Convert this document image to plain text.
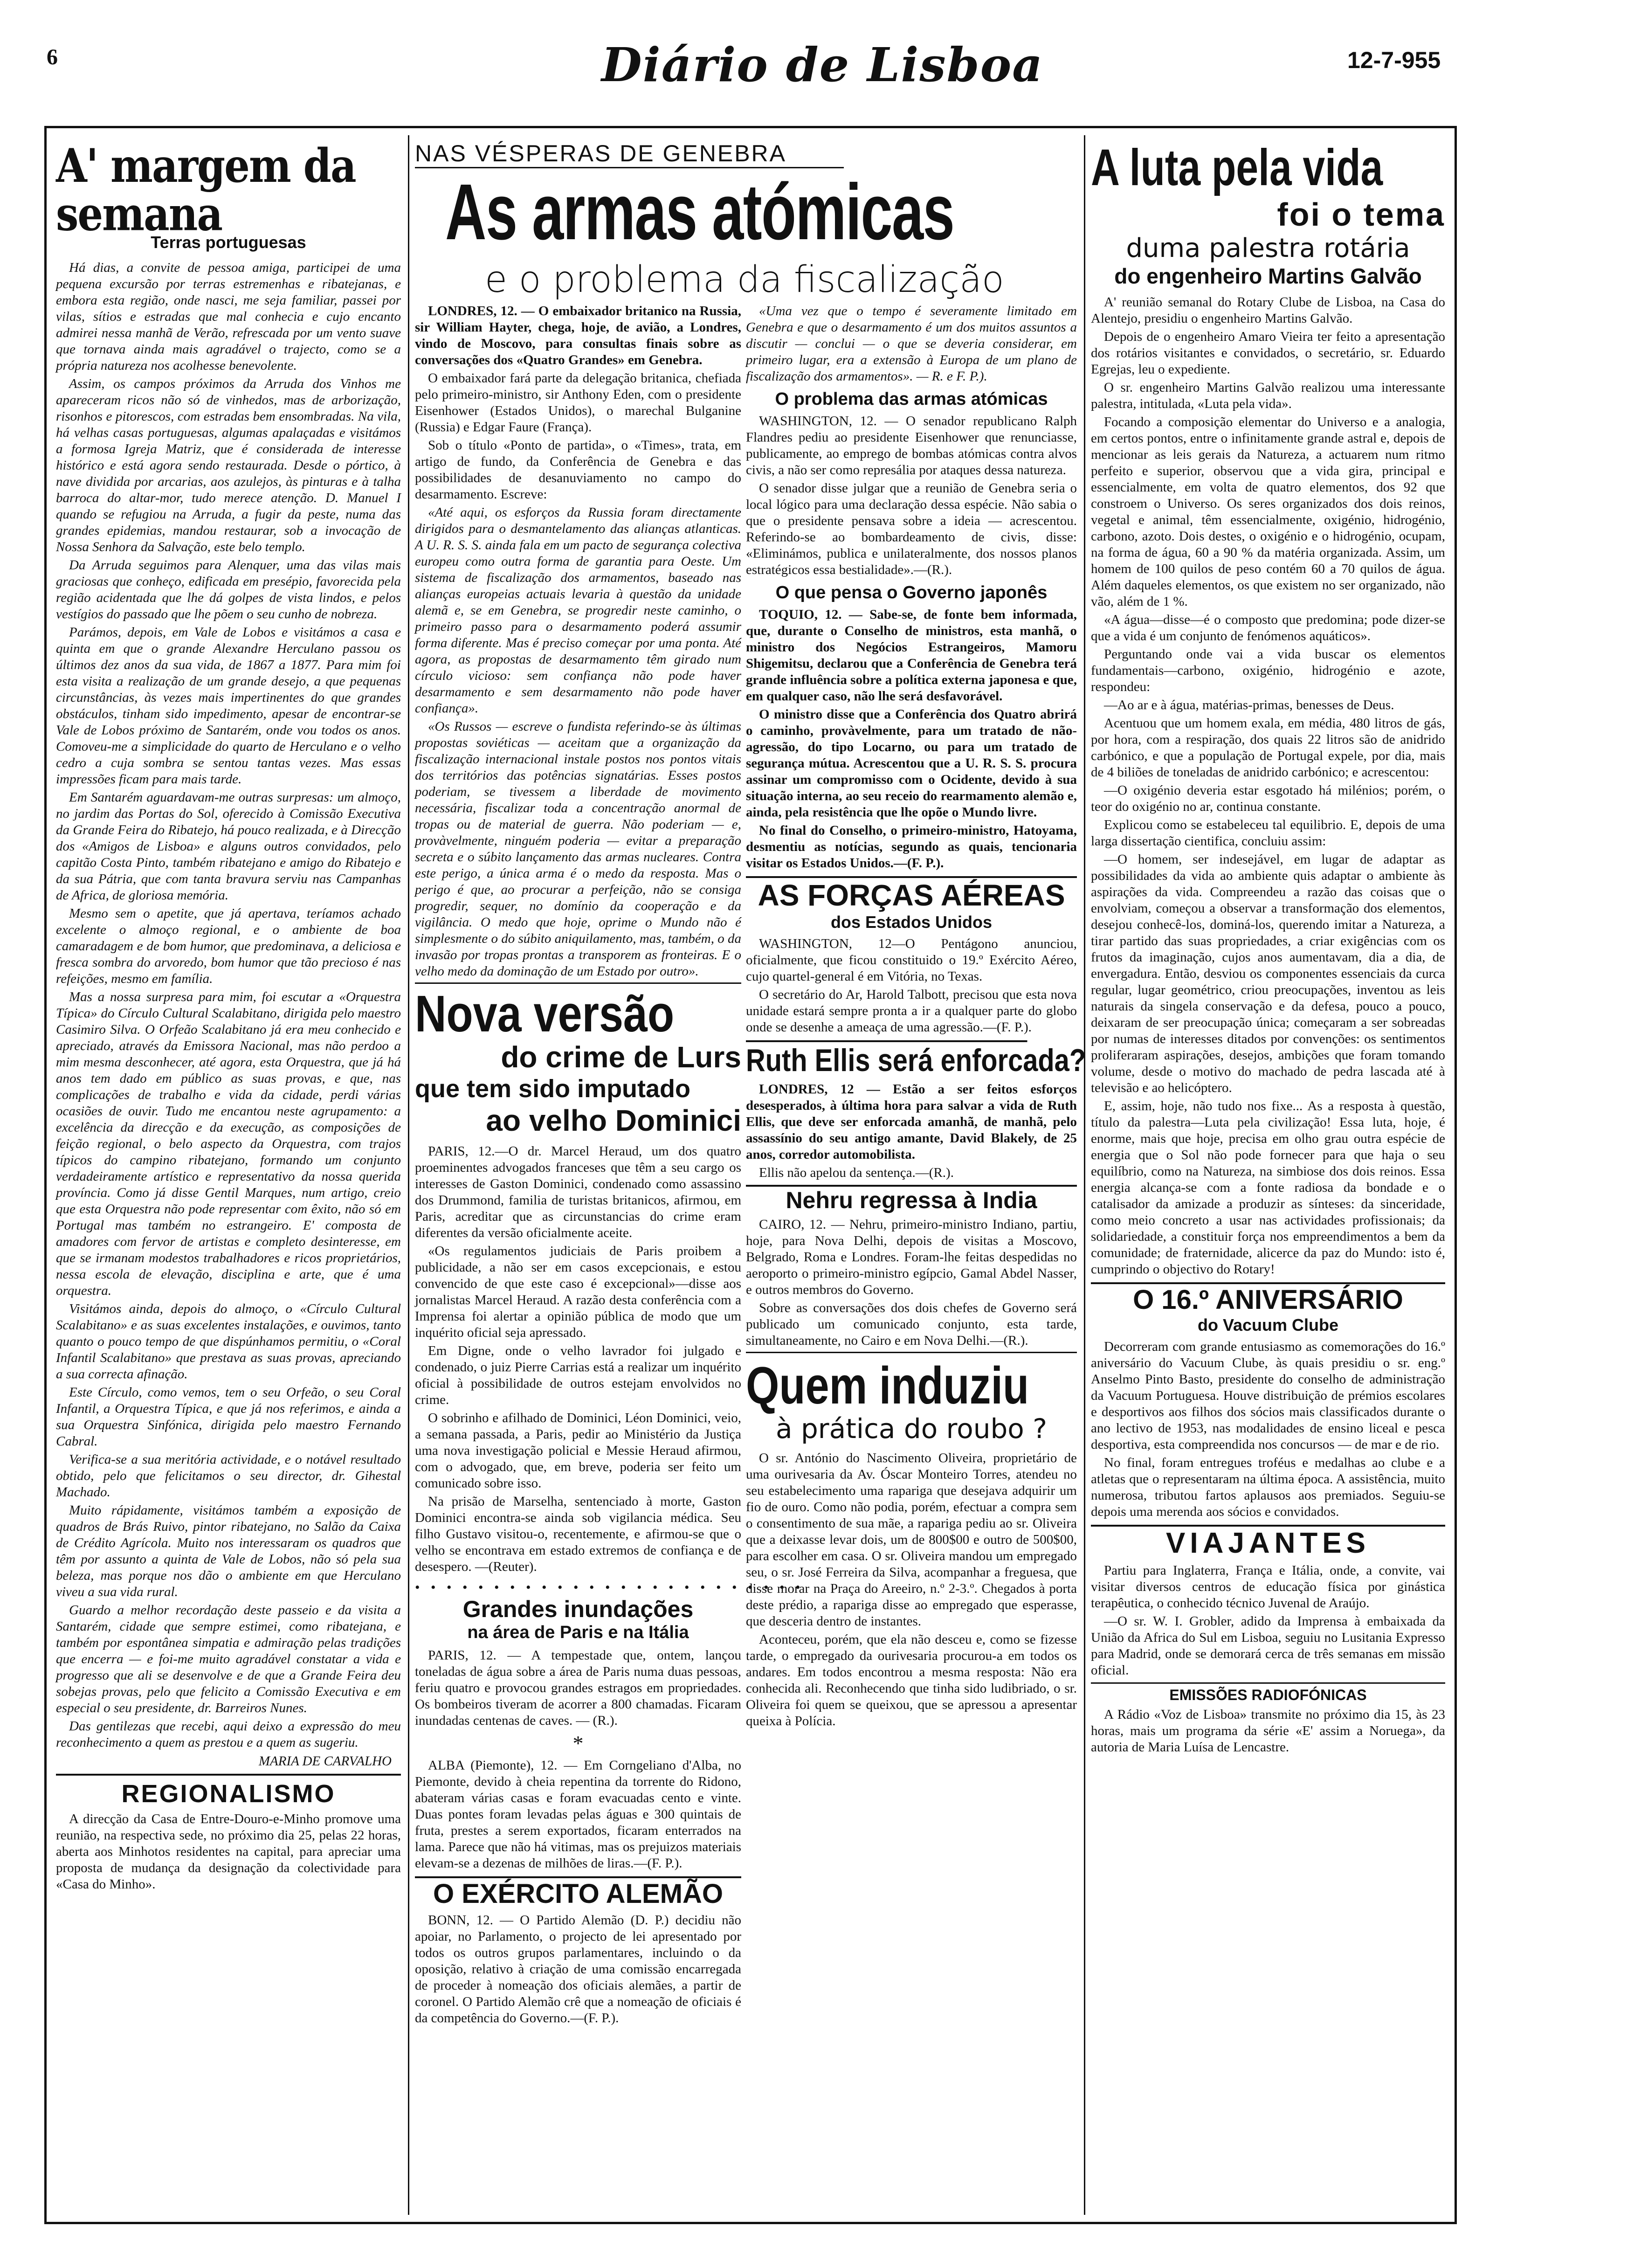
6	Diário de Lisboa	12-7-955
A' margem da semana
Terras portuguesas

Há dias, a convite de pessoa amiga, participei de uma pequena excursão por terras estremenhas e ribatejanas, e embora esta região, onde nasci, me seja familiar, passei por vilas, sítios e estradas que mal conhecia e cujo encanto admirei nessa manhã de Verão, refrescada por um vento suave que tornava ainda mais agradável o trajecto, como se a própria natureza nos acolhesse benevolente.

Assim, os campos próximos da Arruda dos Vinhos me apareceram ricos não só de vinhedos, mas de arborização, risonhos e pitorescos, com estradas bem ensombradas. Na vila, há velhas casas portuguesas, algumas apalaçadas e visitámos a formosa Igreja Matriz, que é considerada de interesse histórico e está agora sendo restaurada. Desde o pórtico, à nave dividida por arcarias, aos azulejos, às pinturas e à talha barroca do altar-mor, tudo merece atenção. D. Manuel I quando se refugiou na Arruda, a fugir da peste, numa das grandes epidemias, mandou restaurar, sob a invocação de Nossa Senhora da Salvação, este belo templo.

Da Arruda seguimos para Alenquer, uma das vilas mais graciosas que conheço, edificada em presépio, favorecida pela região acidentada que lhe dá golpes de vista lindos, e pelos vestígios do passado que lhe põem o seu cunho de nobreza.

Parámos, depois, em Vale de Lobos e visitámos a casa e quinta em que o grande Alexandre Herculano passou os últimos dez anos da sua vida, de 1867 a 1877. Para mim foi esta visita a realização de um grande desejo, a que pequenas circunstâncias, às vezes mais impertinentes do que grandes obstáculos, tinham sido impedimento, apesar de encontrar-se Vale de Lobos próximo de Santarém, onde vou todos os anos. Comoveu-me a simplicidade do quarto de Herculano e o velho cedro a cuja sombra se sentou tantas vezes. Mas essas impressões ficam para mais tarde.

Em Santarém aguardavam-me outras surpresas: um almoço, no jardim das Portas do Sol, oferecido à Comissão Executiva da Grande Feira do Ribatejo, há pouco realizada, e à Direcção dos «Amigos de Lisboa» e alguns outros convidados, pelo capitão Costa Pinto, também ribatejano e amigo do Ribatejo e da sua Pátria, que com tanta bravura serviu nas Campanhas de Africa, de gloriosa memória.

Mesmo sem o apetite, que já apertava, teríamos achado excelente o almoço regional, e o ambiente de boa camaradagem e de bom humor, que predominava, a deliciosa e fresca sombra do arvoredo, bom humor que tão precioso é nas refeições, mesmo em família.

Mas a nossa surpresa para mim, foi escutar a «Orquestra Típica» do Círculo Cultural Scalabitano, dirigida pelo maestro Casimiro Silva. O Orfeão Scalabitano já era meu conhecido e apreciado, através da Emissora Nacional, mas não perdoo a mim mesma desconhecer, até agora, esta Orquestra, que já há anos tem dado em público as suas provas, e que, nas complicações de trabalho e vida da cidade, perdi várias ocasiões de ouvir. Tudo me encantou neste agrupamento: a excelência da direcção e da execução, as composições de feição regional, o belo aspecto da Orquestra, com trajos típicos do campino ribatejano, formando um conjunto verdadeiramente artístico e representativo da nossa querida província. Como já disse Gentil Marques, num artigo, creio que esta Orquestra não pode representar com êxito, não só em Portugal mas também no estrangeiro. E' composta de amadores com fervor de artistas e completo desinteresse, em que se irmanam modestos trabalhadores e ricos proprietários, nessa escola de elevação, disciplina e arte, que é uma orquestra.

Visitámos ainda, depois do almoço, o «Círculo Cultural Scalabitano» e as suas excelentes instalações, e ouvimos, tanto quanto o pouco tempo de que dispúnhamos permitiu, o «Coral Infantil Scalabitano» que prestava as suas provas, apreciando a sua correcta afinação.

Este Círculo, como vemos, tem o seu Orfeão, o seu Coral Infantil, a Orquestra Típica, e que já nos referimos, e ainda a sua Orquestra Sinfónica, dirigida pelo maestro Fernando Cabral.

Verifica-se a sua meritória actividade, e o notável resultado obtido, pelo que felicitamos o seu director, dr. Gihestal Machado.

Muito rápidamente, visitámos também a exposição de quadros de Brás Ruivo, pintor ribatejano, no Salão da Caixa de Crédito Agrícola. Muito nos interessaram os quadros que têm por assunto a quinta de Vale de Lobos, não só pela sua beleza, mas porque nos dão o ambiente em que Herculano viveu a sua vida rural.

Guardo a melhor recordação deste passeio e da visita a Santarém, cidade que sempre estimei, como ribatejana, e também por espontânea simpatia e admiração pelas tradições que encerra — e foi-me muito agradável constatar a vida e progresso que ali se desenvolve e de que a Grande Feira deu sobejas provas, pelo que felicito a Comissão Executiva e em especial o seu presidente, dr. Barreiros Nunes.

Das gentilezas que recebi, aqui deixo a expressão do meu reconhecimento a quem as prestou e a quem as sugeriu.

MARIA DE CARVALHO
REGIONALISMO

A direcção da Casa de Entre-Douro-e-Minho promove uma reunião, na respectiva sede, no próximo dia 25, pelas 22 horas, aberta aos Minhotos residentes na capital, para apreciar uma proposta de mudança da designação da colectividade para «Casa do Minho».

NAS VÉSPERAS DE GENEBRA
As armas atómicas
e o problema da fiscalização

LONDRES, 12. — O embaixador britanico na Russia, sir William Hayter, chega, hoje, de avião, a Londres, vindo de Moscovo, para consultas finais sobre as conversações dos «Quatro Grandes» em Genebra.

O embaixador fará parte da delegação britanica, chefiada pelo primeiro-ministro, sir Anthony Eden, com o presidente Eisenhower (Estados Unidos), o marechal Bulganine (Russia) e Edgar Faure (França).

Sob o título «Ponto de partida», o «Times», trata, em artigo de fundo, da Conferência de Genebra e das possibilidades de desanuviamento no campo do desarmamento. Escreve:

«Até aqui, os esforços da Russia foram directamente dirigidos para o desmantelamento das alianças atlanticas. A U. R. S. S. ainda fala em um pacto de segurança colectiva europeu como outra forma de garantia para Oeste. Um sistema de fiscalização dos armamentos, baseado nas alianças europeias actuais levaria à questão da unidade alemã e, se em Genebra, se progredir neste caminho, o primeiro passo para o desarmamento poderá assumir forma diferente. Mas é preciso começar por uma ponta. Até agora, as propostas de desarmamento têm girado num círculo vicioso: sem confiança não pode haver desarmamento e sem desarmamento não pode haver confiança».

«Os Russos — escreve o fundista referindo-se às últimas propostas soviéticas — aceitam que a organização da fiscalização internacional instale postos nos pontos vitais dos territórios das potências signatárias. Esses postos poderiam, se tivessem a liberdade de movimento necessária, fiscalizar toda a concentração anormal de tropas ou de material de guerra. Não poderiam — e, provàvelmente, ninguém poderia — evitar a preparação secreta e o súbito lançamento das armas nucleares. Contra este perigo, a única arma é o medo da resposta. Mas o perigo é que, ao procurar a perfeição, não se consiga progredir, sequer, no domínio da cooperação e da vigilância. O medo que hoje, oprime o Mundo não é simplesmente o do súbito aniquilamento, mas, também, o da invasão por tropas prontas a transporem as fronteiras. E o velho medo da dominação de um Estado por outro».

Nova versão
do crime de Lurs
que tem sido imputado
ao velho Dominici

PARIS, 12.—O dr. Marcel Heraud, um dos quatro proeminentes advogados franceses que têm a seu cargo os interesses de Gaston Dominici, condenado como assassino dos Drummond, familia de turistas britanicos, afirmou, em Paris, acreditar que as circunstancias do crime eram diferentes da versão oficialmente aceite.

«Os regulamentos judiciais de Paris proibem a publicidade, a não ser em casos excepcionais, e estou convencido de que este caso é excepcional»—disse aos jornalistas Marcel Heraud. A razão desta conferência com a Imprensa foi alertar a opinião pública de modo que um inquérito oficial seja apressado.

Em Digne, onde o velho lavrador foi julgado e condenado, o juiz Pierre Carrias está a realizar um inquérito oficial à possibilidade de outros estejam envolvidos no crime.

O sobrinho e afilhado de Dominici, Léon Dominici, veio, a semana passada, a Paris, pedir ao Ministério da Justiça uma nova investigação policial e Messie Heraud afirmou, com o advogado, que, em breve, poderia ser feito um comunicado sobre isso.

Na prisão de Marselha, sentenciado à morte, Gaston Dominici encontra-se ainda sob vigilancia médica. Seu filho Gustavo visitou-o, recentemente, e afirmou-se que o velho se encontrava em estado extremos de confiança e de desespero. —(Reuter).

• • • • • • • • • • • • • • • • • • • • • • • • •
Grandes inundações
na área de Paris e na Itália

PARIS, 12. — A tempestade que, ontem, lançou toneladas de água sobre a área de Paris numa duas pessoas, feriu quatro e provocou grandes estragos em propriedades. Os bombeiros tiveram de acorrer a 800 chamadas. Ficaram inundadas centenas de caves. — (R.).

*

ALBA (Piemonte), 12. — Em Corngeliano d'Alba, no Piemonte, devido à cheia repentina da torrente do Ridono, abateram várias casas e foram evacuadas cento e vinte. Duas pontes foram levadas pelas águas e 300 quintais de fruta, prestes a serem exportados, ficaram enterrados na lama. Parece que não há vitimas, mas os prejuizos materiais elevam-se a dezenas de milhões de liras.—(F. P.).

O EXÉRCITO ALEMÃO

BONN, 12. — O Partido Alemão (D. P.) decidiu não apoiar, no Parlamento, o projecto de lei apresentado por todos os outros grupos parlamentares, incluindo o da oposição, relativo à criação de uma comissão encarregada de proceder à nomeação dos oficiais alemães, a partir de coronel. O Partido Alemão crê que a nomeação de oficiais é da competência do Governo.—(F. P.).

«Uma vez que o tempo é severamente limitado em Genebra e que o desarmamento é um dos muitos assuntos a discutir — conclui — o que se deveria considerar, em primeiro lugar, era a extensão à Europa de um plano de fiscalização dos armamentos». — R. e F. P.).

O problema das armas atómicas

WASHINGTON, 12. — O senador republicano Ralph Flandres pediu ao presidente Eisenhower que renunciasse, publicamente, ao emprego de bombas atómicas contra alvos civis, a não ser como represália por ataques dessa natureza.

O senador disse julgar que a reunião de Genebra seria o local lógico para uma declaração dessa espécie. Não sabia o que o presidente pensava sobre a ideia — acrescentou. Referindo-se ao bombardeamento de civis, disse: «Eliminámos, publica e unilateralmente, dos nossos planos estratégicos essa bestialidade».—(R.).

O que pensa o Governo japonês

TOQUIO, 12. — Sabe-se, de fonte bem informada, que, durante o Conselho de ministros, esta manhã, o ministro dos Negócios Estrangeiros, Mamoru Shigemitsu, declarou que a Conferência de Genebra terá grande influência sobre a política externa japonesa e que, em qualquer caso, não lhe será desfavorável.

O ministro disse que a Conferência dos Quatro abrirá o caminho, provàvelmente, para um tratado de não-agressão, do tipo Locarno, ou para um tratado de segurança mútua. Acrescentou que a U. R. S. S. procura assinar um compromisso com o Ocidente, devido à sua situação interna, ao seu receio do rearmamento alemão e, ainda, pela resistência que lhe opõe o Mundo livre.

No final do Conselho, o primeiro-ministro, Hatoyama, desmentiu as notícias, segundo as quais, tencionaria visitar os Estados Unidos.—(F. P.).

AS FORÇAS AÉREAS
dos Estados Unidos

WASHINGTON, 12—O Pentágono anunciou, oficialmente, que ficou constituido o 19.º Exército Aéreo, cujo quartel-general é em Vitória, no Texas.

O secretário do Ar, Harold Talbott, precisou que esta nova unidade estará sempre pronta a ir a qualquer parte do globo onde se desenhe a ameaça de uma agressão.—(F. P.).

Ruth Ellis será enforcada?

LONDRES, 12 — Estão a ser feitos esforços desesperados, à última hora para salvar a vida de Ruth Ellis, que deve ser enforcada amanhã, de manhã, pelo assassínio do seu antigo amante, David Blakely, de 25 anos, corredor automobilista.

Ellis não apelou da sentença.—(R.).

Nehru regressa à India

CAIRO, 12. — Nehru, primeiro-ministro Indiano, partiu, hoje, para Nova Delhi, depois de visitas a Moscovo, Belgrado, Roma e Londres. Foram-lhe feitas despedidas no aeroporto o primeiro-ministro egípcio, Gamal Abdel Nasser, e outros membros do Governo.

Sobre as conversações dos dois chefes de Governo será publicado um comunicado conjunto, esta tarde, simultaneamente, no Cairo e em Nova Delhi.—(R.).

Quem induziu
à prática do roubo ?

O sr. António do Nascimento Oliveira, proprietário de uma ourivesaria da Av. Óscar Monteiro Torres, atendeu no seu estabelecimento uma rapariga que desejava adquirir um fio de ouro. Como não podia, porém, efectuar a compra sem o consentimento de sua mãe, a rapariga pediu ao sr. Oliveira que a deixasse levar dois, um de 800$00 e outro de 500$00, para escolher em casa. O sr. Oliveira mandou um empregado seu, o sr. José Ferreira da Silva, acompanhar a freguesa, que disse morar na Praça do Areeiro, n.º 2-3.º. Chegados à porta deste prédio, a rapariga disse ao empregado que esperasse, que desceria dentro de instantes.

Aconteceu, porém, que ela não desceu e, como se fizesse tarde, o empregado da ourivesaria procurou-a em todos os andares. Em todos encontrou a mesma resposta: Não era conhecida ali. Reconhecendo que tinha sido ludibriado, o sr. Oliveira foi quem se queixou, que se apressou a apresentar queixa à Polícia.

A luta pela vida
foi o tema
duma palestra rotária
do engenheiro Martins Galvão

A' reunião semanal do Rotary Clube de Lisboa, na Casa do Alentejo, presidiu o engenheiro Martins Galvão.

Depois de o engenheiro Amaro Vieira ter feito a apresentação dos rotários visitantes e convidados, o secretário, sr. Eduardo Egrejas, leu o expediente.

O sr. engenheiro Martins Galvão realizou uma interessante palestra, intitulada, «Luta pela vida».

Focando a composição elementar do Universo e a analogia, em certos pontos, entre o infinitamente grande astral e, depois de mencionar as leis gerais da Natureza, a actuarem num ritmo perfeito e superior, observou que a vida gira, principal e essencialmente, em volta de quatro elementos, dos 92 que constroem o Universo. Os seres organizados dos dois reinos, vegetal e animal, têm essencialmente, oxigénio, hidrogénio, carbono, azoto. Dois destes, o oxigénio e o hidrogénio, ocupam, na forma de água, 60 a 90 % da matéria organizada. Assim, um homem de 100 quilos de peso contém 60 a 70 quilos de água. Além daqueles elementos, os que existem no ser organizado, não vão, além de 1 %.

«A água—disse—é o composto que predomina; pode dizer-se que a vida é um conjunto de fenómenos aquáticos».

Perguntando onde vai a vida buscar os elementos fundamentais—carbono, oxigénio, hidrogénio e azote, respondeu:

—Ao ar e à água, matérias-primas, benesses de Deus.

Acentuou que um homem exala, em média, 480 litros de gás, por hora, com a respiração, dos quais 22 litros são de anidrido carbónico, e que a população de Portugal expele, por dia, mais de 4 biliões de toneladas de anidrido carbónico; e acrescentou:

—O oxigénio deveria estar esgotado há milénios; porém, o teor do oxigénio no ar, continua constante.

Explicou como se estabeleceu tal equilibrio. E, depois de uma larga dissertação cientifica, concluiu assim:

—O homem, ser indesejável, em lugar de adaptar as possibilidades da vida ao ambiente quis adaptar o ambiente às aspirações da vida. Compreendeu a razão das coisas que o envolviam, começou a observar a transformação dos elementos, desejou conhecê-los, dominá-los, querendo imitar a Natureza, a tirar partido das suas propriedades, a criar exigências com os frutos da imaginação, cujos anos aumentavam, dia a dia, de envergadura. Então, desviou os componentes essenciais da curca regular, lugar geométrico, criou preocupações, inventou as leis naturais da singela conservação e da defesa, pouco a pouco, deixaram de ser preocupação única; começaram a ser sobreadas por numas de interesses ditados por convenções: os sentimentos proliferaram aspirações, desejos, ambições que foram tomando volume, desde o motivo do machado de pedra lascada até à televisão e ao helicóptero.

E, assim, hoje, não tudo nos fixe... As a resposta à questão, título da palestra—Luta pela civilização! Essa luta, hoje, é enorme, mais que hoje, precisa em olho grau outra espécie de energia que o Sol não pode fornecer para que haja o seu equilíbrio, como na Natureza, na simbiose dos dois reinos. Essa energia alcança-se com a fonte radiosa da bondade e o catalisador da amizade a produzir as sínteses: da sinceridade, como meio concreto a usar nas actividades profissionais; da solidariedade, a constituir força nos empreendimentos a bem da comunidade; de fraternidade, alicerce da paz do Mundo: isto é, cumprindo o objectivo do Rotary!

O 16.º ANIVERSÁRIO
do Vacuum Clube

Decorreram com grande entusiasmo as comemorações do 16.º aniversário do Vacuum Clube, às quais presidiu o sr. eng.º Anselmo Pinto Basto, presidente do conselho de administração da Vacuum Portuguesa. Houve distribuição de prémios escolares e desportivos aos filhos dos sócios mais classificados durante o ano lectivo de 1953, nas modalidades de ensino liceal e pesca desportiva, esta compreendida nos concursos — de mar e de rio.

No final, foram entregues troféus e medalhas ao clube e a atletas que o representaram na última época. A assistência, muito numerosa, tributou fartos aplausos aos premiados. Seguiu-se depois uma merenda aos sócios e convidados.

VIAJANTES

Partiu para Inglaterra, França e Itália, onde, a convite, vai visitar diversos centros de educação física por ginástica terapêutica, o conhecido técnico Juvenal de Araújo.

—O sr. W. I. Grobler, adido da Imprensa à embaixada da União da Africa do Sul em Lisboa, seguiu no Lusitania Expresso para Madrid, onde se demorará cerca de três semanas em missão oficial.

EMISSÕES RADIOFÓNICAS

A Rádio «Voz de Lisboa» transmite no próximo dia 15, às 23 horas, mais um programa da série «E' assim a Noruega», da autoria de Maria Luísa de Lencastre.
